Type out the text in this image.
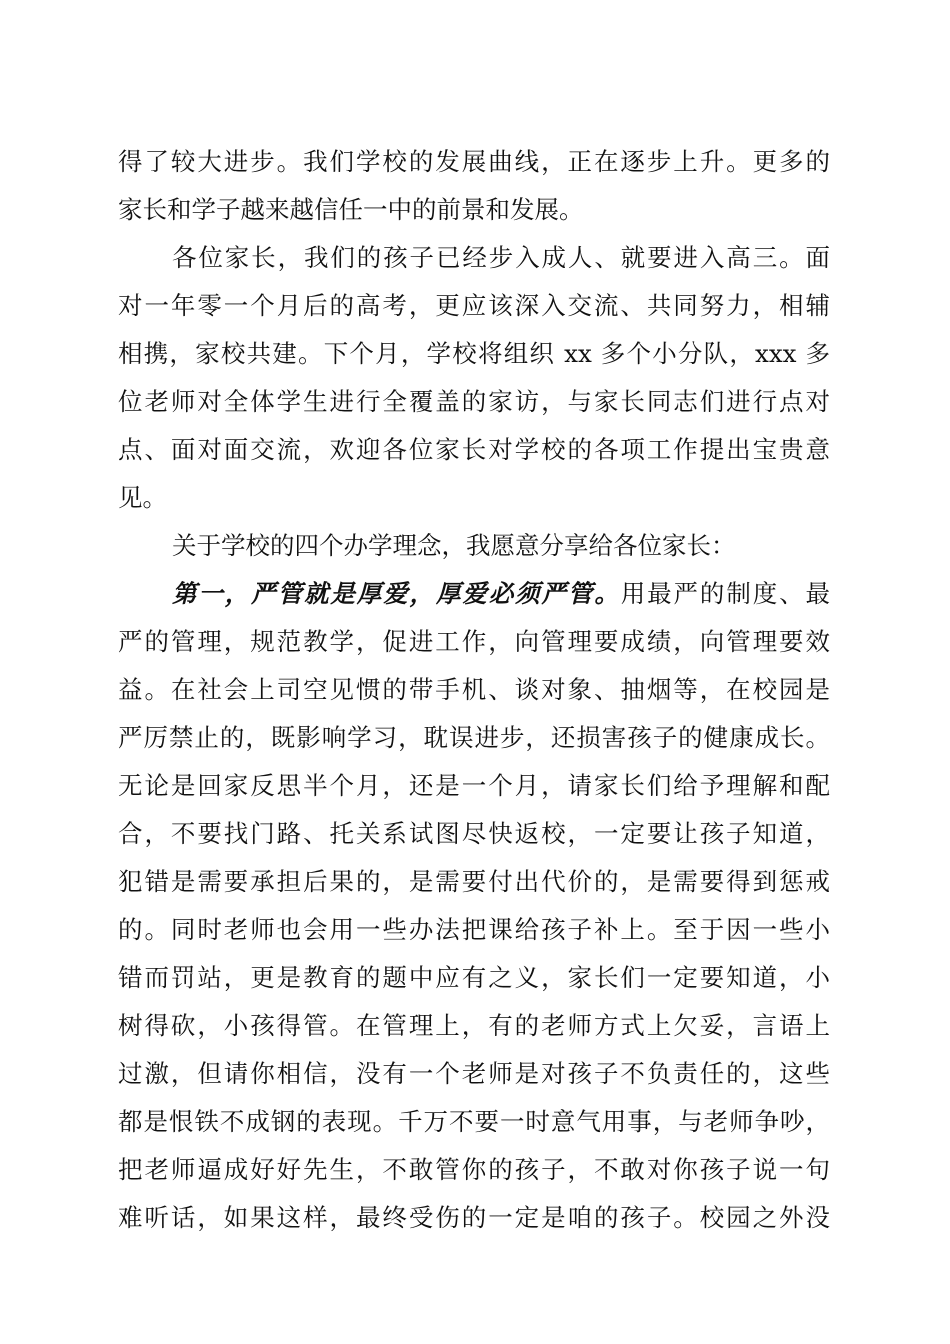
得了较大进步。我们学校的发展曲线，正在逐步上升。更多的
家长和学子越来越信任一中的前景和发展。
各位家长，我们的孩子已经步入成人、就要进入高三。面
对一年零一个月后的高考，更应该深入交流、共同努力，相辅
相携，家校共建。下个月，学校将组织 xx 多个小分队，xxx 多
位老师对全体学生进行全覆盖的家访，与家长同志们进行点对
点、面对面交流，欢迎各位家长对学校的各项工作提出宝贵意
见。
关于学校的四个办学理念，我愿意分享给各位家长：
第一，严管就是厚爱，厚爱必须严管。用最严的制度、最
严的管理，规范教学，促进工作，向管理要成绩，向管理要效
益。在社会上司空见惯的带手机、谈对象、抽烟等，在校园是
严厉禁止的，既影响学习，耽误进步，还损害孩子的健康成长。
无论是回家反思半个月，还是一个月，请家长们给予理解和配
合，不要找门路、托关系试图尽快返校，一定要让孩子知道，
犯错是需要承担后果的，是需要付出代价的，是需要得到惩戒
的。同时老师也会用一些办法把课给孩子补上。至于因一些小
错而罚站，更是教育的题中应有之义，家长们一定要知道，小
树得砍，小孩得管。在管理上，有的老师方式上欠妥，言语上
过激，但请你相信，没有一个老师是对孩子不负责任的，这些
都是恨铁不成钢的表现。千万不要一时意气用事，与老师争吵，
把老师逼成好好先生，不敢管你的孩子，不敢对你孩子说一句
难听话，如果这样，最终受伤的一定是咱的孩子。校园之外没
